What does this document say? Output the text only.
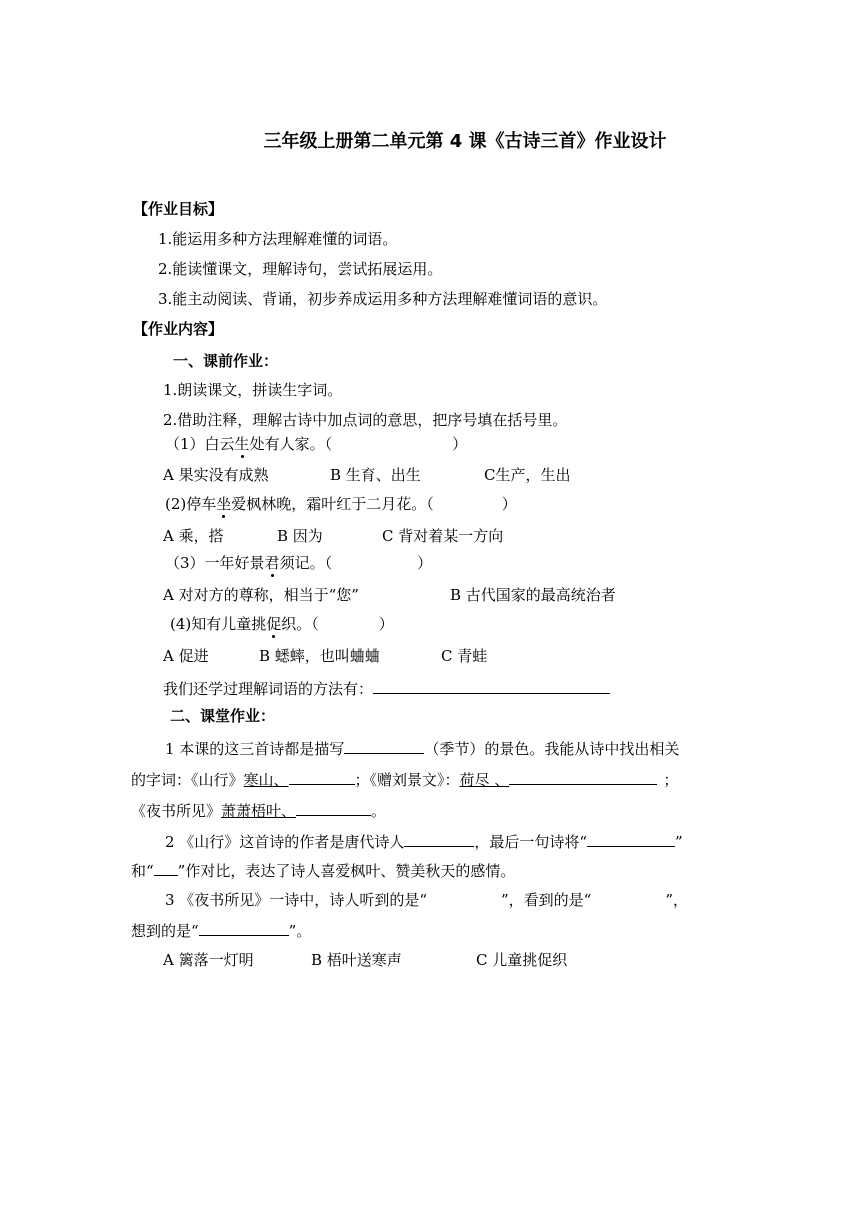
三年级上册第二单元第 4 课《古诗三首》作业设计
【作业目标】
1.能运用多种方法理解难懂的词语。
2.能读懂课文，理解诗句，尝试拓展运用。
3.能主动阅读、背诵，初步养成运用多种方法理解难懂词语的意识。
【作业内容】
一、课前作业：
1.朗读课文，拼读生字词。
2.借助注释，理解古诗中加点词的意思，把序号填在括号里。
（1）白云生处有人家。（	）
A 果实没有成熟	B 生育、出生	C生产，生出
(2)停车坐爱枫林晚，霜叶红于二月花。（	）
A 乘，搭	B 因为	C 背对着某一方向
（3）一年好景君须记。（	）
A 对对方的尊称，相当于“您”	B 古代国家的最高统治者
(4)知有儿童挑促织。（	）
A 促进	B 蟋蟀，也叫蛐蛐	C 青蛙
我们还学过理解词语的方法有：
二、课堂作业：
1 本课的这三首诗都是描写	（季节）的景色。我能从诗中找出相关
的字词：《山行》寒山、	；《赠刘景文》：荷尽 、	；
《夜书所见》萧萧梧叶、	。
2 《山行》这首诗的作者是唐代诗人	，最后一句诗将“	”
和“ ”作对比，表达了诗人喜爱枫叶、赞美秋天的感情。
3 《夜书所见》一诗中，诗人听到的是“	”，看到的是“	”，
想到的是“	”。
A 篱落一灯明	B 梧叶送寒声	C 儿童挑促织
